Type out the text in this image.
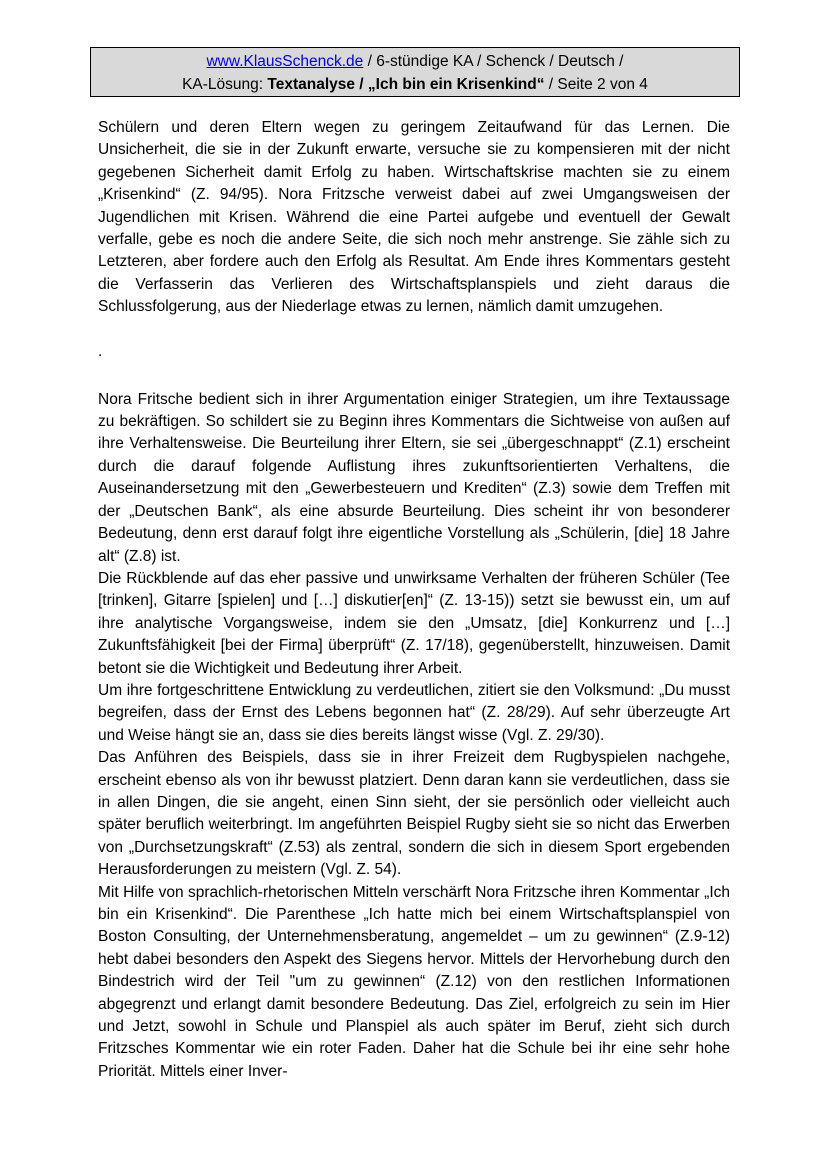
www.KlausSchenck.de / 6-stündige KA / Schenck / Deutsch /
KA-Lösung: Textanalyse / „Ich bin ein Krisenkind“ / Seite 2 von 4

Schülern und deren Eltern wegen zu geringem Zeitaufwand für das Lernen. Die Unsicherheit, die sie in der Zukunft erwarte, versuche sie zu kompensieren mit der nicht gegebenen Sicherheit damit Erfolg zu haben. Wirtschaftskrise machten sie zu einem „Krisenkind“ (Z. 94/95). Nora Fritzsche verweist dabei auf zwei Umgangsweisen der Jugendlichen mit Krisen. Während die eine Partei aufgebe und eventuell der Gewalt verfalle, gebe es noch die andere Seite, die sich noch mehr anstrenge. Sie zähle sich zu Letzteren, aber fordere auch den Erfolg als Resultat. Am Ende ihres Kommentars gesteht die Verfasserin das Verlieren des Wirtschaftsplanspiels und zieht daraus die Schlussfolgerung, aus der Niederlage etwas zu lernen, nämlich damit umzugehen.

.

Nora Fritsche bedient sich in ihrer Argumentation einiger Strategien, um ihre Textaussage zu bekräftigen. So schildert sie zu Beginn ihres Kommentars die Sichtweise von außen auf ihre Verhaltensweise. Die Beurteilung ihrer Eltern, sie sei „übergeschnappt“ (Z.1) erscheint durch die darauf folgende Auflistung ihres zukunftsorientierten Verhaltens, die Auseinandersetzung mit den „Gewerbesteuern und Krediten“ (Z.3) sowie dem Treffen mit der „Deutschen Bank“, als eine absurde Beurteilung. Dies scheint ihr von besonderer Bedeutung, denn erst darauf folgt ihre eigentliche Vorstellung als „Schülerin, [die] 18 Jahre alt“ (Z.8) ist.

Die Rückblende auf das eher passive und unwirksame Verhalten der früheren Schüler (Tee [trinken], Gitarre [spielen] und […] diskutier[en]“ (Z. 13-15)) setzt sie bewusst ein, um auf ihre analytische Vorgangsweise, indem sie den „Umsatz, [die] Konkurrenz und […] Zukunftsfähigkeit [bei der Firma] überprüft“ (Z. 17/18), gegenüberstellt, hinzuweisen. Damit betont sie die Wichtigkeit und Bedeutung ihrer Arbeit.

Um ihre fortgeschrittene Entwicklung zu verdeutlichen, zitiert sie den Volksmund: „Du musst begreifen, dass der Ernst des Lebens begonnen hat“ (Z. 28/29). Auf sehr überzeugte Art und Weise hängt sie an, dass sie dies bereits längst wisse (Vgl. Z. 29/30).

Das Anführen des Beispiels, dass sie in ihrer Freizeit dem Rugbyspielen nachgehe, erscheint ebenso als von ihr bewusst platziert. Denn daran kann sie verdeutlichen, dass sie in allen Dingen, die sie angeht, einen Sinn sieht, der sie persönlich oder vielleicht auch später beruflich weiterbringt. Im angeführten Beispiel Rugby sieht sie so nicht das Erwerben von „Durchsetzungskraft“ (Z.53) als zentral, sondern die sich in diesem Sport ergebenden Herausforderungen zu meistern (Vgl. Z. 54).

Mit Hilfe von sprachlich-rhetorischen Mitteln verschärft Nora Fritzsche ihren Kommentar „Ich bin ein Krisenkind“. Die Parenthese „Ich hatte mich bei einem Wirtschaftsplanspiel von Boston Consulting, der Unternehmensberatung, angemeldet – um zu gewinnen“ (Z.9-12) hebt dabei besonders den Aspekt des Siegens hervor. Mittels der Hervorhebung durch den Bindestrich wird der Teil "um zu gewinnen“ (Z.12) von den restlichen Informationen abgegrenzt und erlangt damit besondere Bedeutung. Das Ziel, erfolgreich zu sein im Hier und Jetzt, sowohl in Schule und Planspiel als auch später im Beruf, zieht sich durch Fritzsches Kommentar wie ein roter Faden. Daher hat die Schule bei ihr eine sehr hohe Priorität. Mittels einer Inver-
